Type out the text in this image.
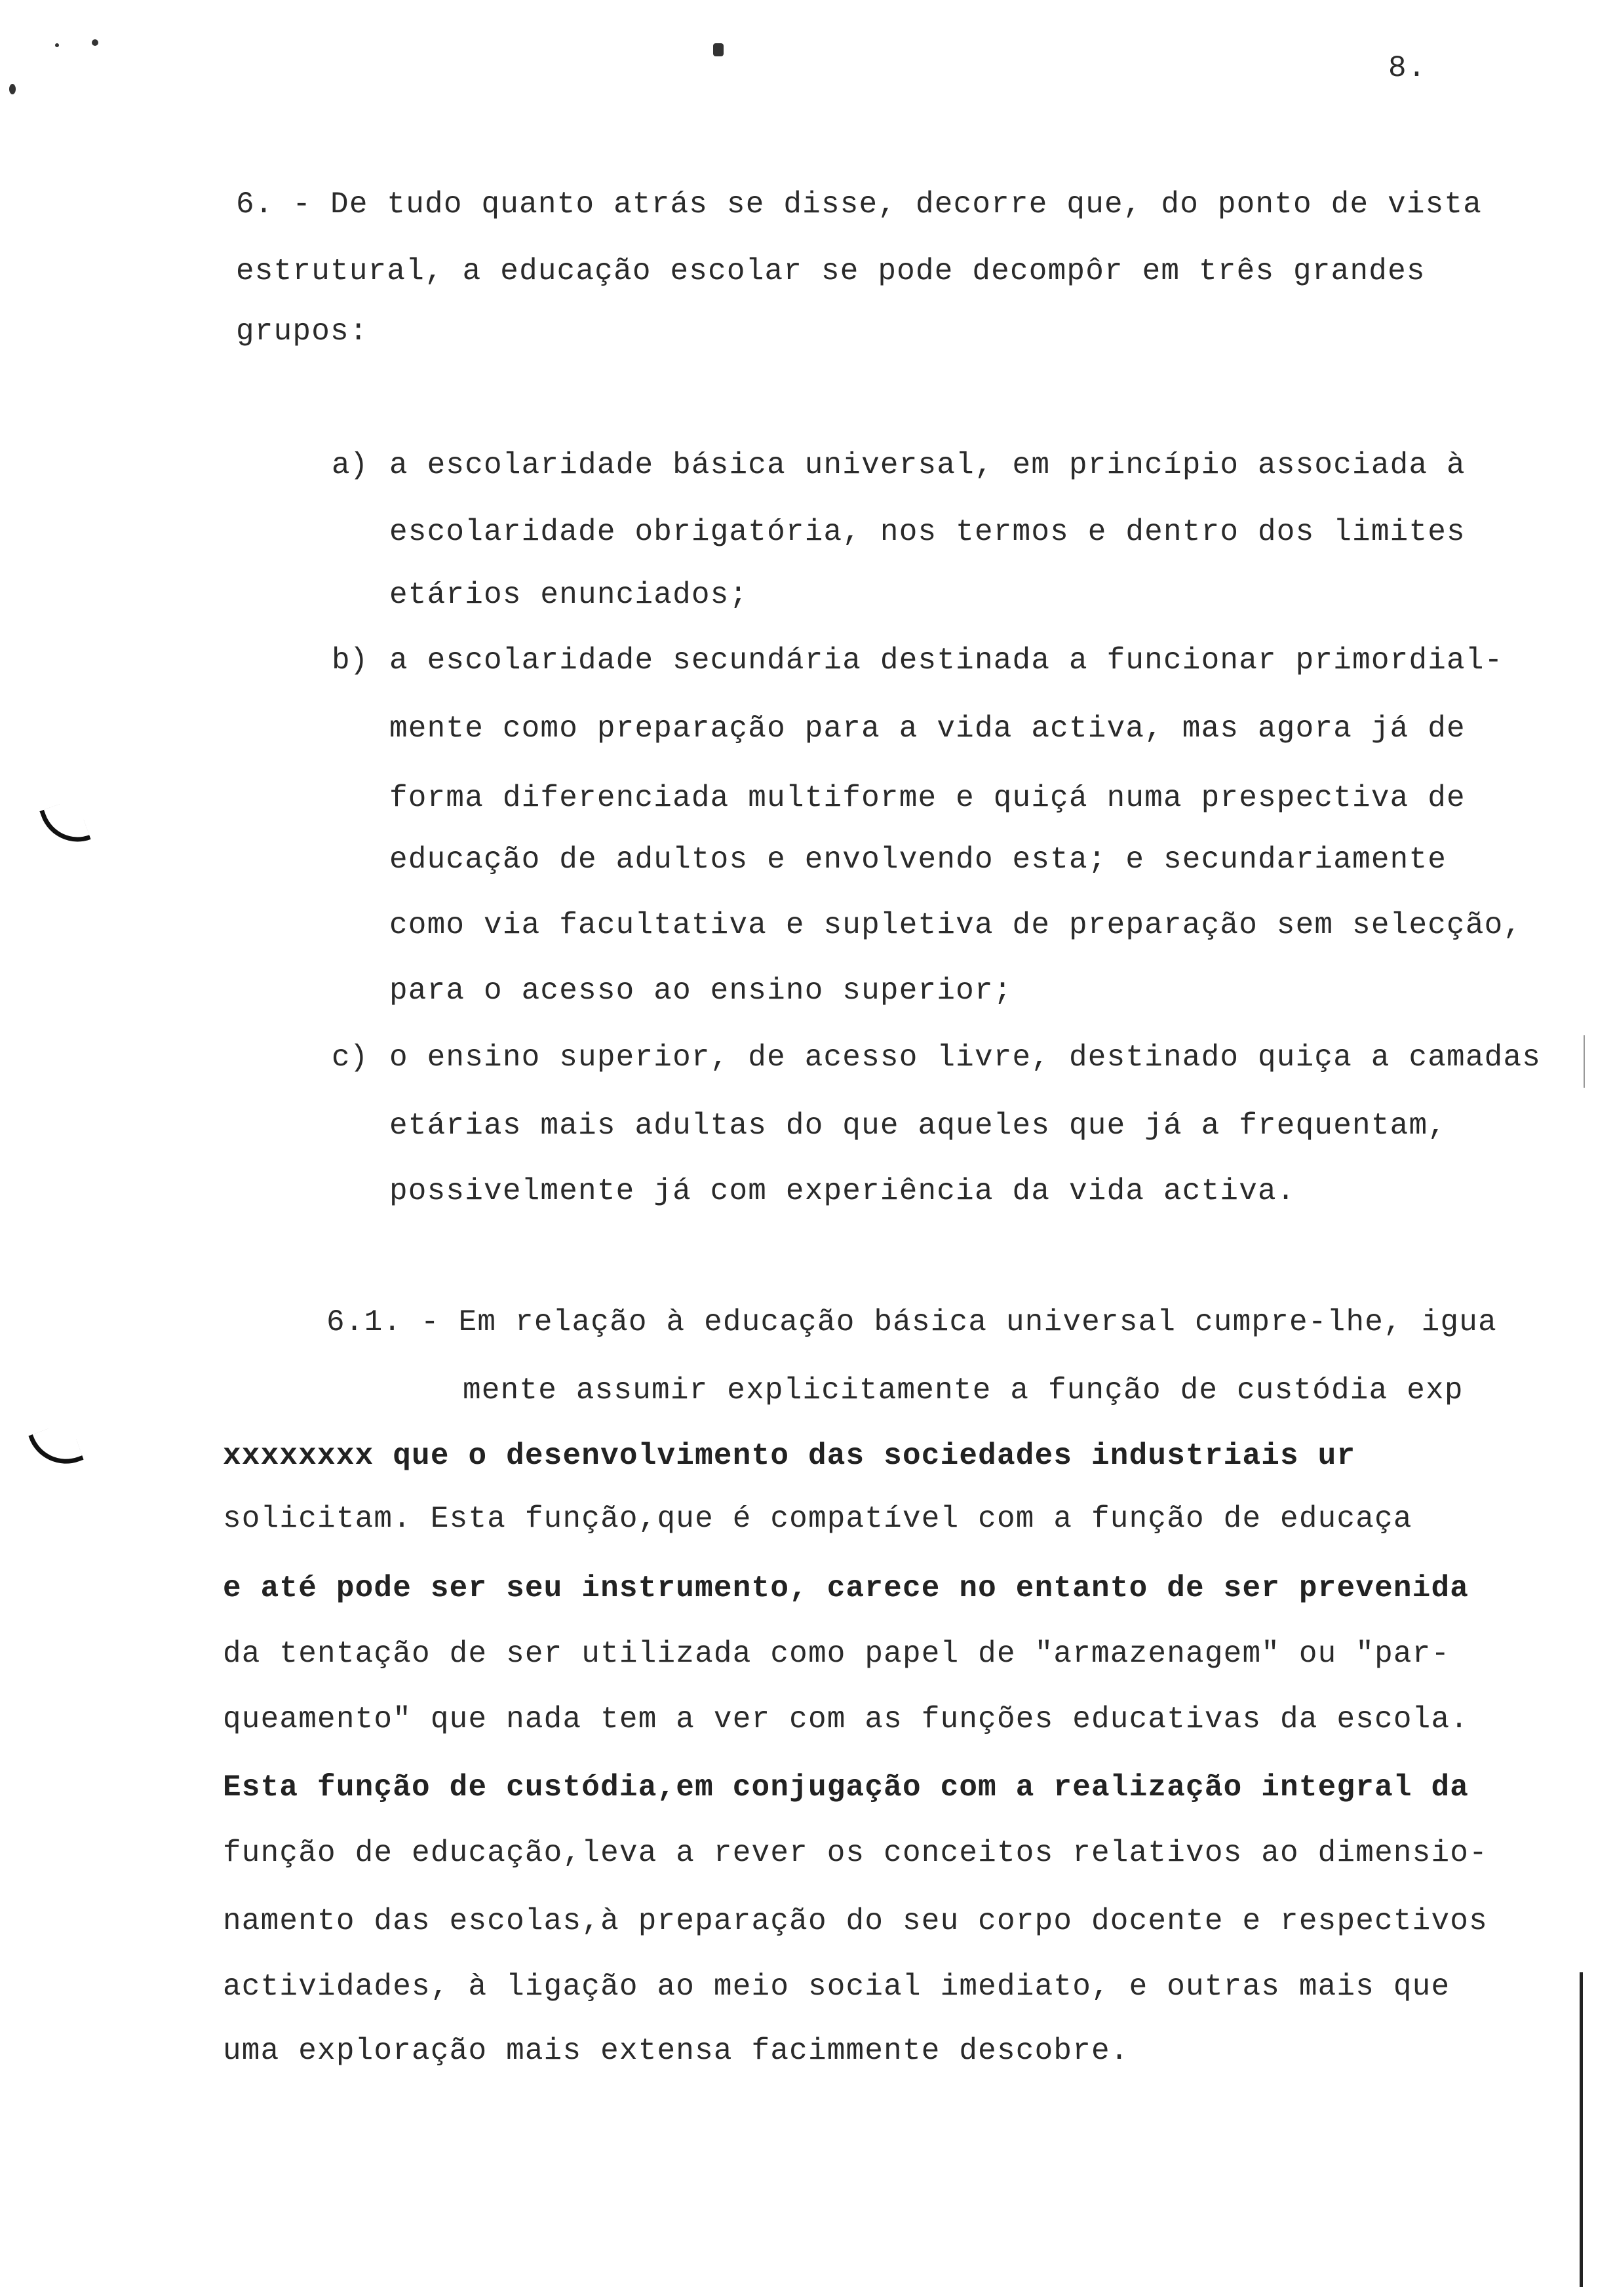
8.
6. - De tudo quanto atrás se disse, decorre que, do ponto de vista
estrutural, a educação escolar se pode decompôr em três grandes
grupos:
a) a escolaridade básica universal, em princípio associada à
escolaridade obrigatória, nos termos e dentro dos limites
etários enunciados;
b) a escolaridade secundária destinada a funcionar primordial-
mente como preparação para a vida activa, mas agora já de
forma diferenciada multiforme e quiçá numa prespectiva de
educação de adultos e envolvendo esta; e secundariamente
como via facultativa e supletiva de preparação sem selecção,
para o acesso ao ensino superior;
c) o ensino superior, de acesso livre, destinado quiça a camadas
etárias mais adultas do que aqueles que já a frequentam,
possivelmente já com experiência da vida activa.
6.1. - Em relação à educação básica universal cumpre-lhe, igua
mente assumir explicitamente a função de custódia exp
xxxxxxxx que o desenvolvimento das sociedades industriais ur
solicitam. Esta função,que é compatível com a função de educaça
e até pode ser seu instrumento, carece no entanto de ser prevenida
da tentação de ser utilizada como papel de "armazenagem" ou "par-
queamento" que nada tem a ver com as funções educativas da escola.
Esta função de custódia,em conjugação com a realização integral da
função de educação,leva a rever os conceitos relativos ao dimensio-
namento das escolas,à preparação do seu corpo docente e respectivos
actividades, à ligação ao meio social imediato, e outras mais que
uma exploração mais extensa facimmente descobre.
